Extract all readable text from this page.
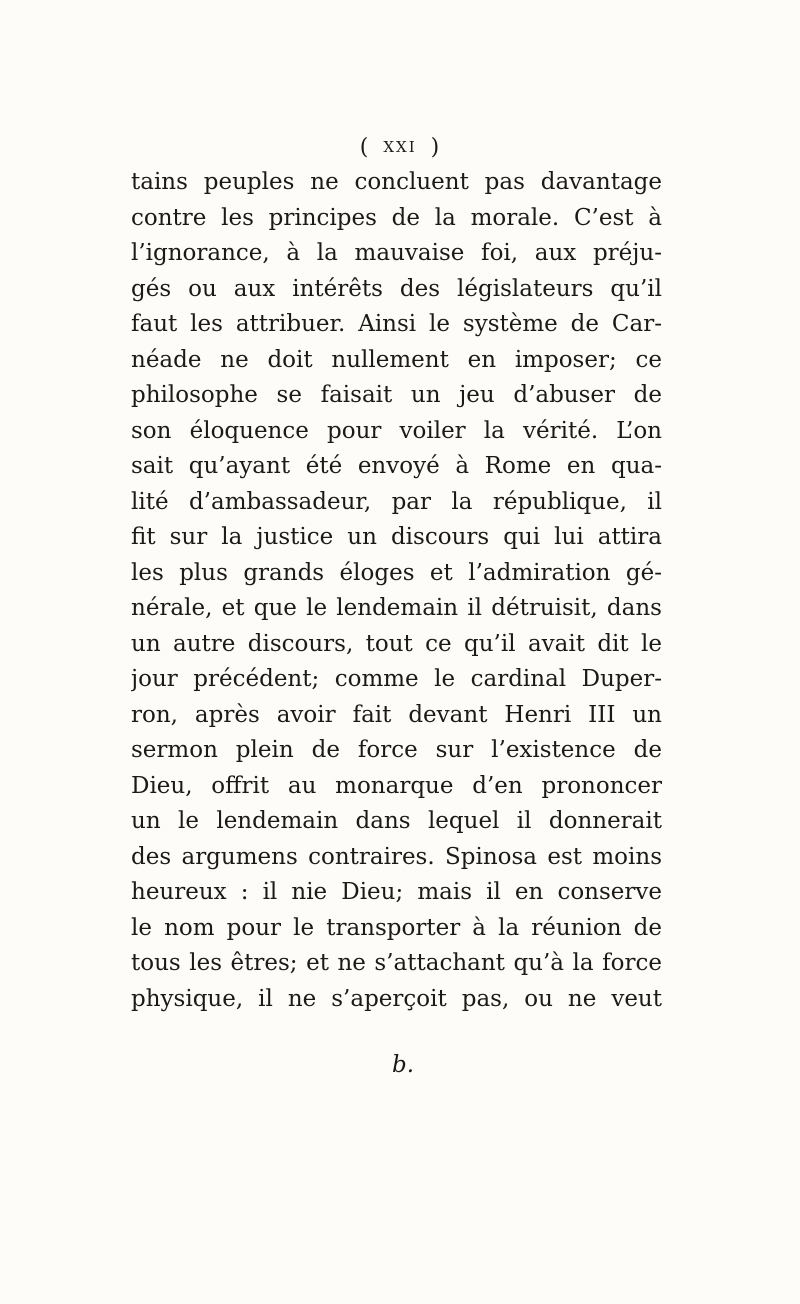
( XXI )
tains peuples ne concluent pas davantage
contre les principes de la morale. C’est à
l’ignorance, à la mauvaise foi, aux préju-
gés ou aux intérêts des législateurs qu’il
faut les attribuer. Ainsi le système de Car-
néade ne doit nullement en imposer; ce
philosophe se faisait un jeu d’abuser de
son éloquence pour voiler la vérité. L’on
sait qu’ayant été envoyé à Rome en qua-
lité d’ambassadeur, par la république, il
fit sur la justice un discours qui lui attira
les plus grands éloges et l’admiration gé-
nérale, et que le lendemain il détruisit, dans
un autre discours, tout ce qu’il avait dit le
jour précédent; comme le cardinal Duper-
ron, après avoir fait devant Henri III un
sermon plein de force sur l’existence de
Dieu, offrit au monarque d’en prononcer
un le lendemain dans lequel il donnerait
des argumens contraires. Spinosa est moins
heureux : il nie Dieu; mais il en conserve
le nom pour le transporter à la réunion de
tous les êtres; et ne s’attachant qu’à la force
physique, il ne s’aperçoit pas, ou ne veut
b.
